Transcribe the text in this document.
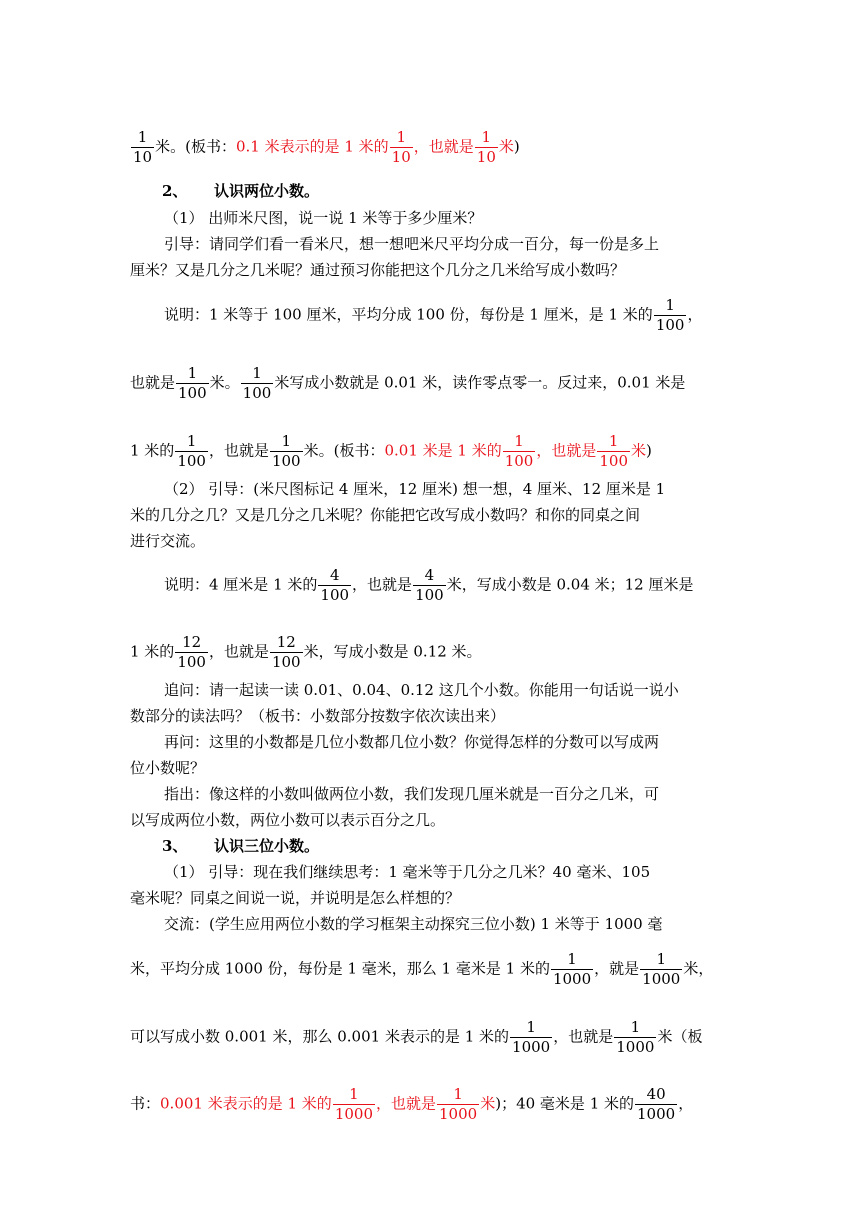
$\frac{1}{10}$ 米。(板书：0.1 米表示的是 1 米的 $\frac{1}{10}$ ，也就是 $\frac{1}{10}$ 米)
2、 认识两位小数。
（1） 出师米尺图，说一说 1 米等于多少厘米？
引导：请同学们看一看米尺，想一想吧米尺平均分成一百分，每一份是多上
厘米？又是几分之几米呢？通过预习你能把这个几分之几米给写成小数吗？
说明：1 米等于 100 厘米，平均分成 100 份，每份是 1 厘米，是 1 米的 $\frac{1}{100}$ ，
也就是 $\frac{1}{100}$ 米。 $\frac{1}{100}$ 米写成小数就是 0.01 米，读作零点零一。反过来，0.01 米是
1 米的 $\frac{1}{100}$ ，也就是 $\frac{1}{100}$ 米。(板书：0.01 米是 1 米的 $\frac{1}{100}$ ，也就是 $\frac{1}{100}$ 米)
（2） 引导：(米尺图标记 4 厘米，12 厘米) 想一想，4 厘米、12 厘米是 1
米的几分之几？又是几分之几米呢？你能把它改写成小数吗？和你的同桌之间
进行交流。
说明：4 厘米是 1 米的 $\frac{4}{100}$ ，也就是 $\frac{4}{100}$ 米，写成小数是 0.04 米；12 厘米是
1 米的 $\frac{12}{100}$ ，也就是 $\frac{12}{100}$ 米，写成小数是 0.12 米。
追问：请一起读一读 0.01、0.04、0.12 这几个小数。你能用一句话说一说小
数部分的读法吗？（板书：小数部分按数字依次读出来）
再问：这里的小数都是几位小数都几位小数？你觉得怎样的分数可以写成两
位小数呢？
指出：像这样的小数叫做两位小数，我们发现几厘米就是一百分之几米，可
以写成两位小数，两位小数可以表示百分之几。
3、 认识三位小数。
（1） 引导：现在我们继续思考：1 毫米等于几分之几米？40 毫米、105
毫米呢？同桌之间说一说，并说明是怎么样想的？
交流：(学生应用两位小数的学习框架主动探究三位小数) 1 米等于 1000 毫
米，平均分成 1000 份，每份是 1 毫米，那么 1 毫米是 1 米的 $\frac{1}{1000}$ ，就是 $\frac{1}{1000}$ 米，
可以写成小数 0.001 米，那么 0.001 米表示的是 1 米的 $\frac{1}{1000}$ ，也就是 $\frac{1}{1000}$ 米（板
书：0.001 米表示的是 1 米的 $\frac{1}{1000}$ ，也就是 $\frac{1}{1000}$ 米)；40 毫米是 1 米的 $\frac{40}{1000}$ ，
